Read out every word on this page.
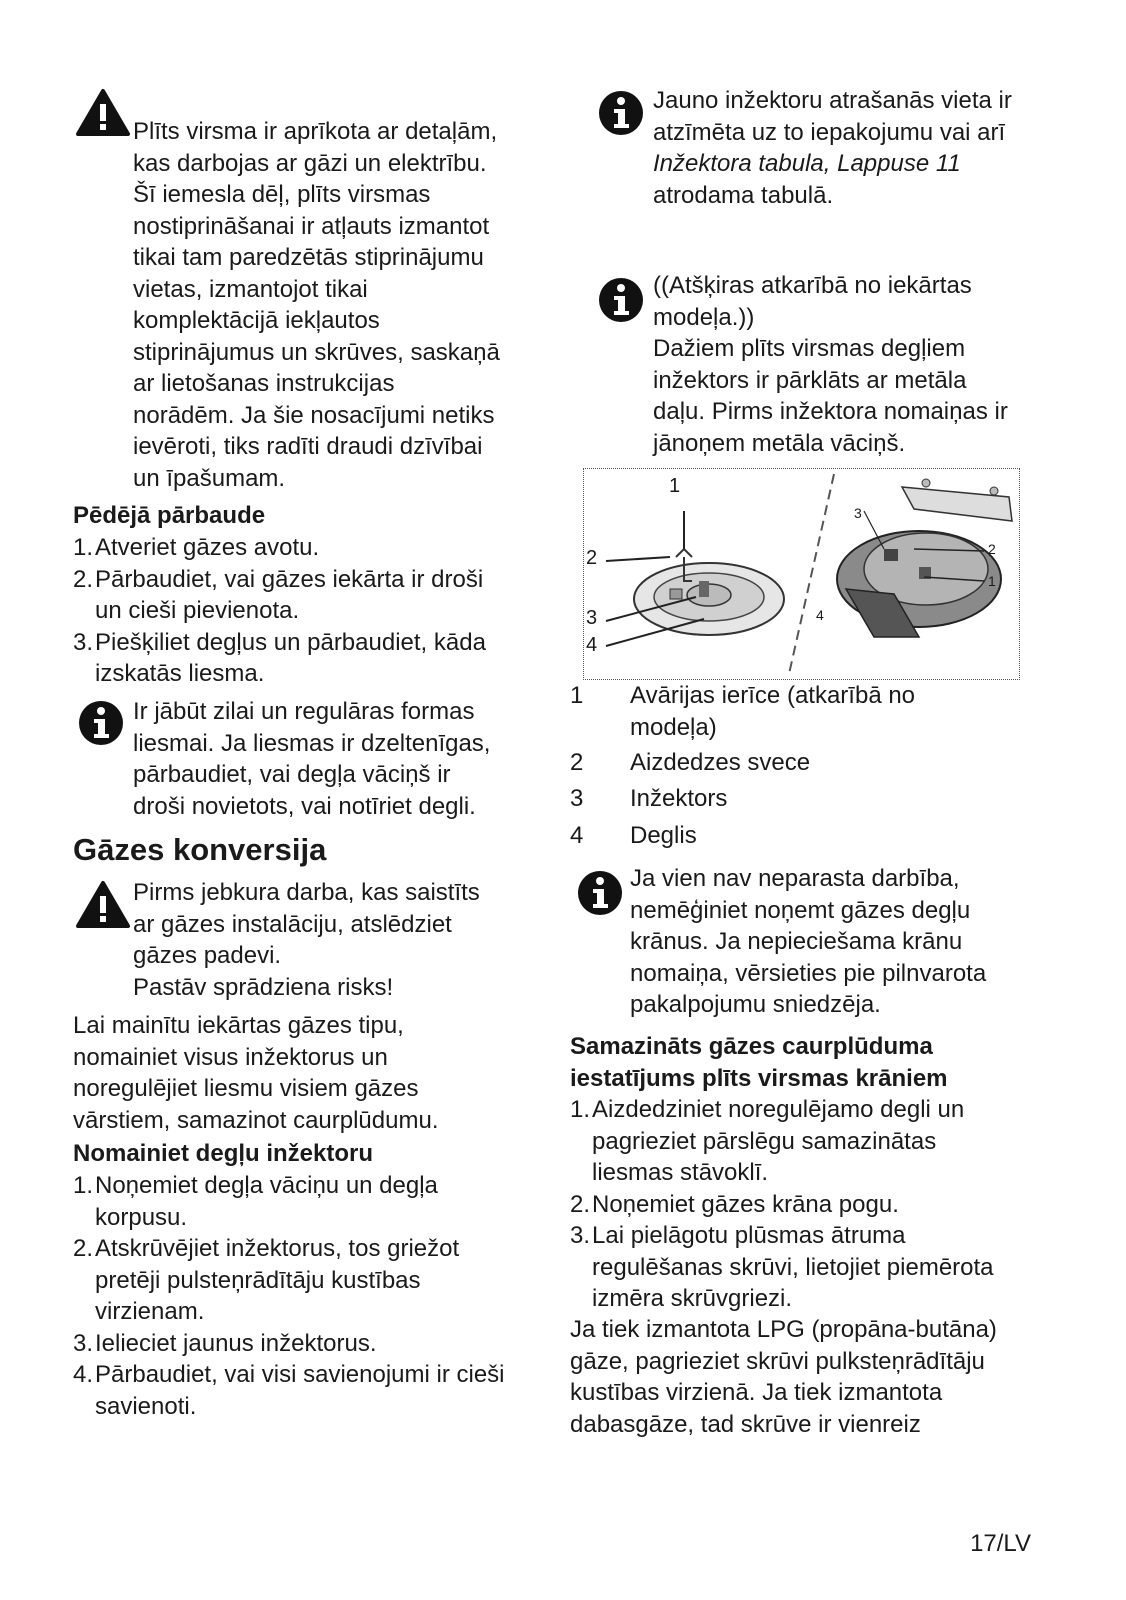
Plīts virsma ir aprīkota ar detaļām,
kas darbojas ar gāzi un elektrību.
Šī iemesla dēļ, plīts virsmas
nostiprināšanai ir atļauts izmantot
tikai tam paredzētās stiprinājumu
vietas, izmantojot tikai
komplektācijā iekļautos
stiprinājumus un skrūves, saskaņā
ar lietošanas instrukcijas
norādēm. Ja šie nosacījumi netiks
ievēroti, tiks radīti draudi dzīvībai
un īpašumam.
Pēdējā pārbaude
1. Atveriet gāzes avotu.
2. Pārbaudiet, vai gāzes iekārta ir droši
un cieši pievienota.
3. Piešķiliet degļus un pārbaudiet, kāda
izskatās liesma.
Ir jābūt zilai un regulāras formas
liesmai. Ja liesmas ir dzeltenīgas,
pārbaudiet, vai degļa vāciņš ir
droši novietots, vai notīriet degli.
Gāzes konversija
Pirms jebkura darba, kas saistīts
ar gāzes instalāciju, atslēdziet
gāzes padevi.
Pastāv sprādziena risks!
Lai mainītu iekārtas gāzes tipu,
nomainiet visus inžektorus un
noregulējiet liesmu visiem gāzes
vārstiem, samazinot caurplūdumu.
Nomainiet degļu inžektoru
1. Noņemiet degļa vāciņu un degļa
korpusu.
2. Atskrūvējiet inžektorus, tos griežot
pretēji pulsteņrādītāju kustības
virzienam.
3. Ielieciet jaunus inžektorus.
4. Pārbaudiet, vai visi savienojumi ir cieši
savienoti.
Jauno inžektoru atrašanās vieta ir
atzīmēta uz to iepakojumu vai arī
Inžektora tabula, Lappuse 11
atrodama tabulā.
((Atšķiras atkarībā no iekārtas
modeļa.))
Dažiem plīts virsmas degļiem
inžektors ir pārklāts ar metāla
daļu. Pirms inžektora nomaiņas ir
jānoņem metāla vāciņš.
1
2
3
4
3
2
1
4
1 Avārijas ierīce (atkarībā no
modeļa)
2 Aizdedzes svece
3 Inžektors
4 Deglis
Ja vien nav neparasta darbība,
nemēģiniet noņemt gāzes degļu
krānus. Ja nepieciešama krānu
nomaiņa, vērsieties pie pilnvarota
pakalpojumu sniedzēja.
Samazināts gāzes caurplūduma
iestatījums plīts virsmas krāniem
1. Aizdedziniet noregulējamo degli un
pagrieziet pārslēgu samazinātas
liesmas stāvoklī.
2. Noņemiet gāzes krāna pogu.
3. Lai pielāgotu plūsmas ātruma
regulēšanas skrūvi, lietojiet piemērota
izmēra skrūvgriezi.
Ja tiek izmantota LPG (propāna-butāna)
gāze, pagrieziet skrūvi pulksteņrādītāju
kustības virzienā. Ja tiek izmantota
dabasgāze, tad skrūve ir vienreiz
17/LV
